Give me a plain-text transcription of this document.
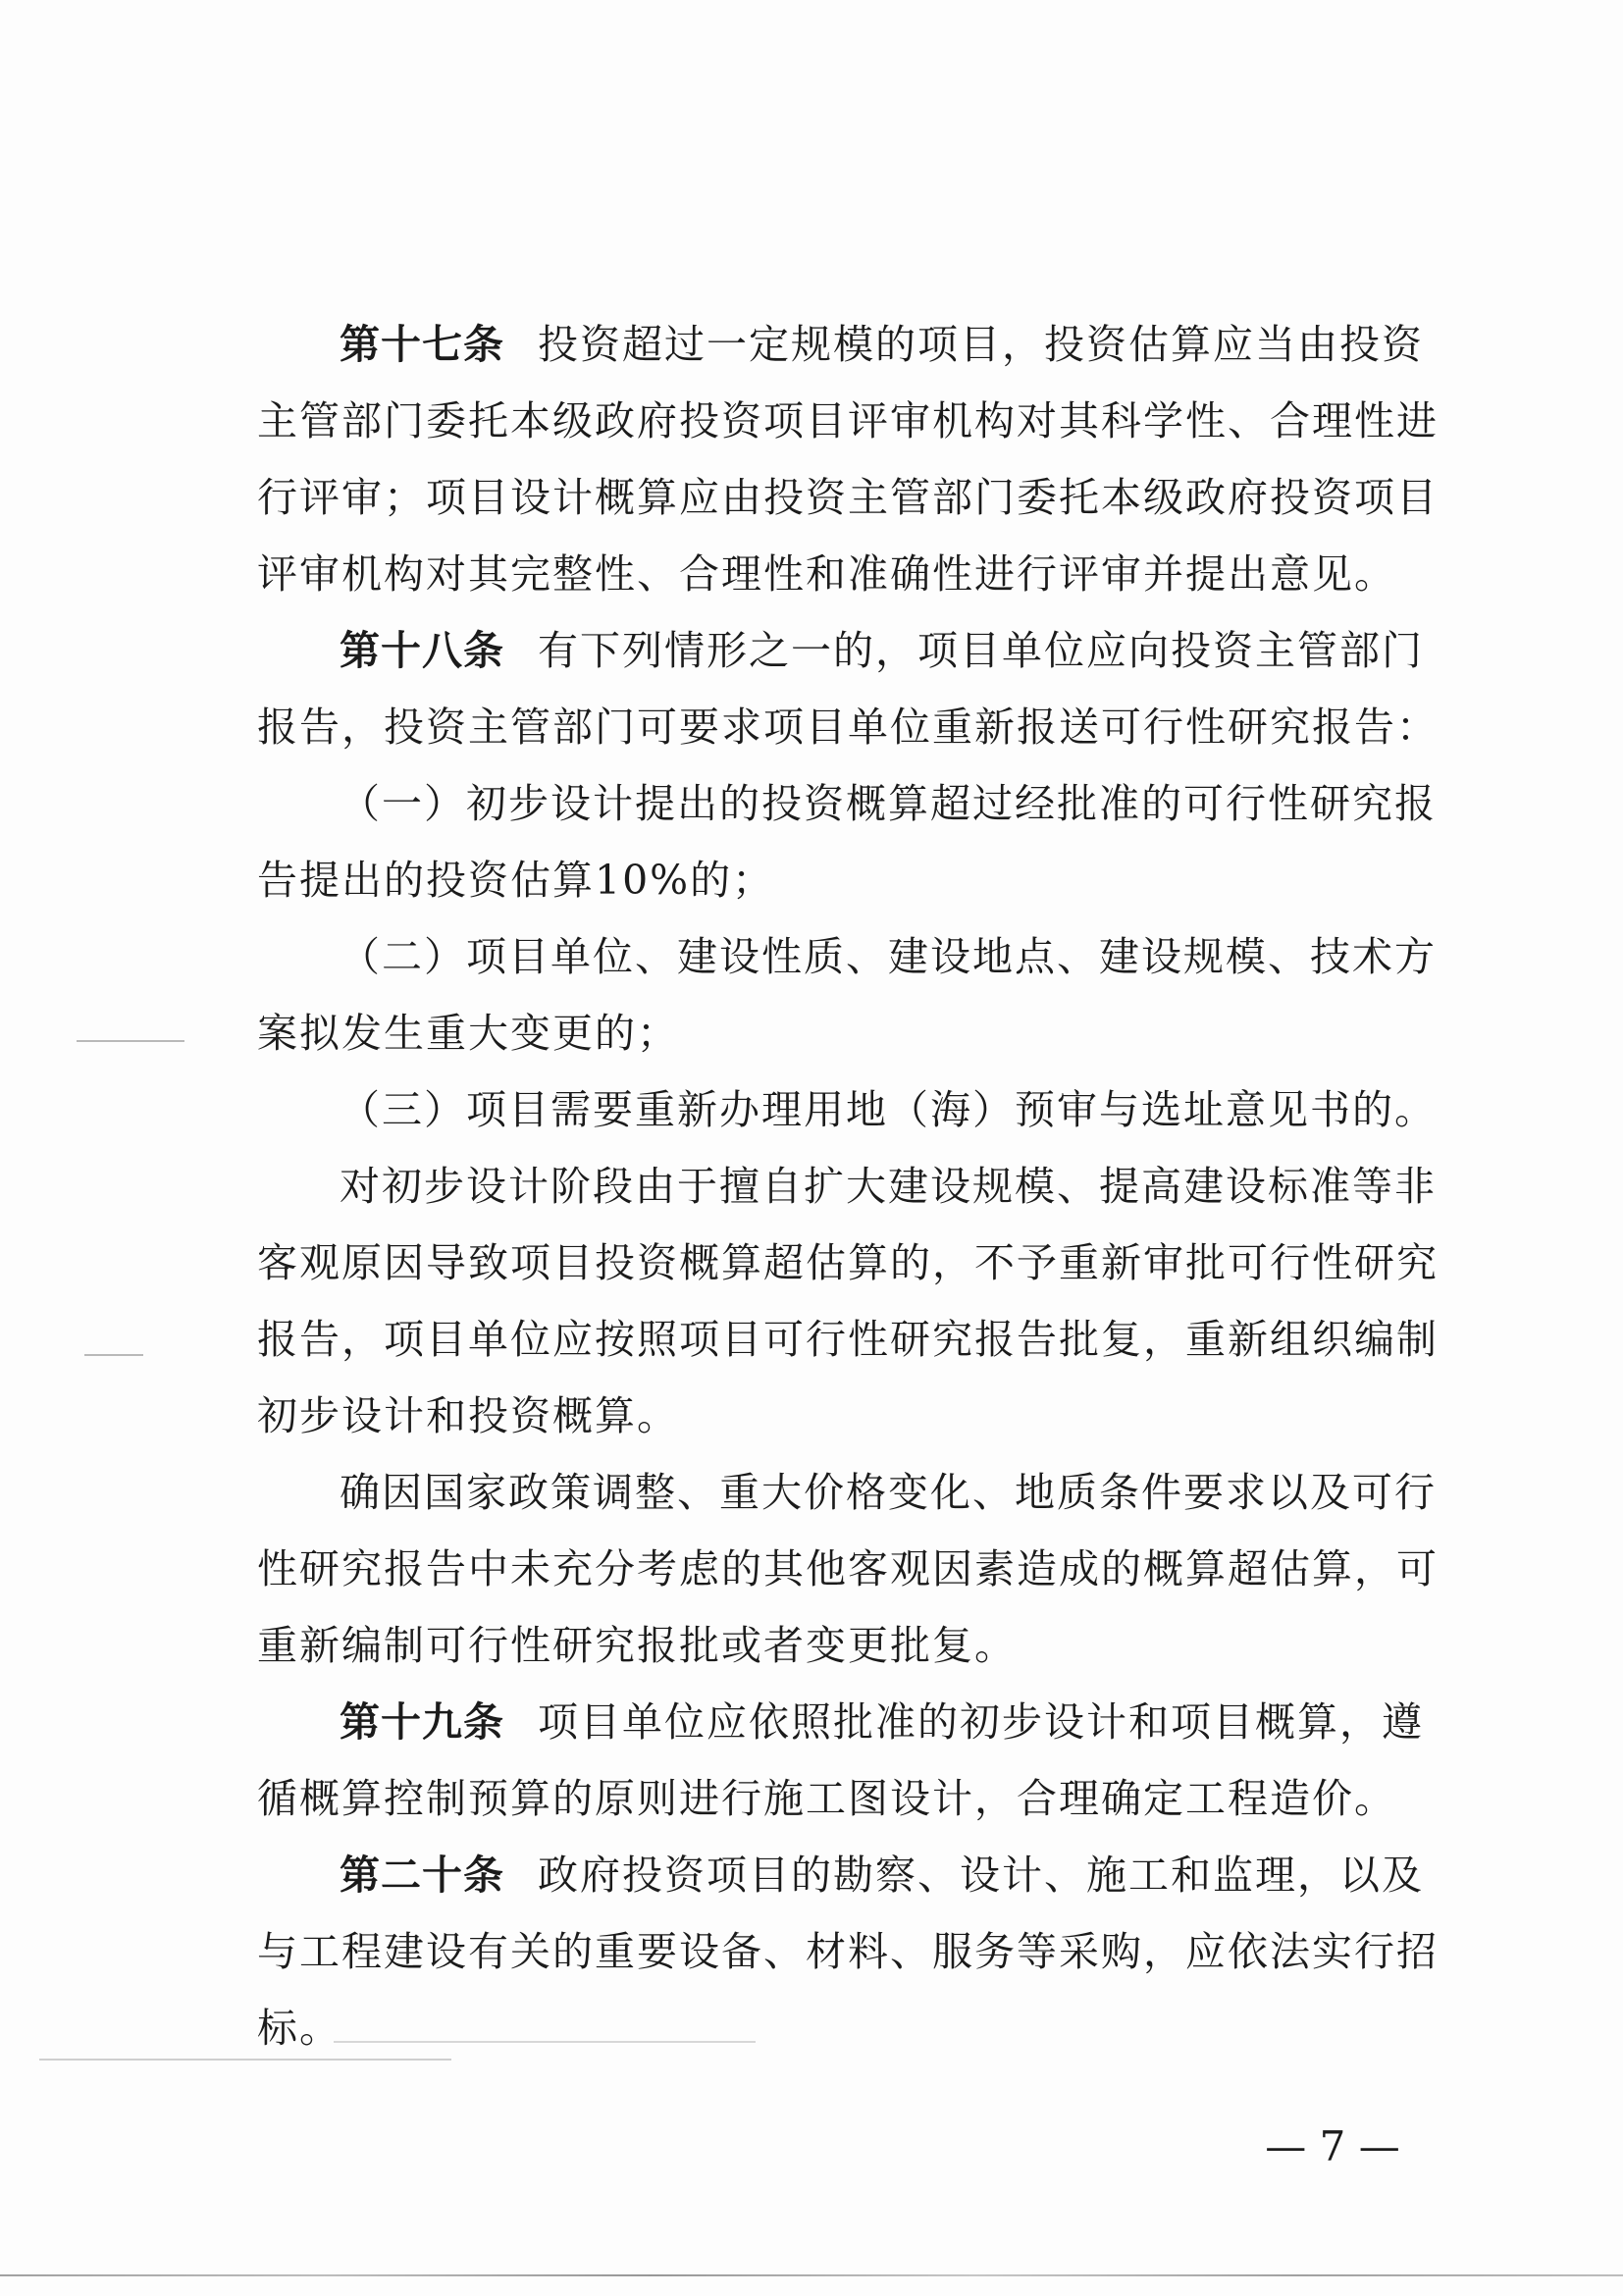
第十七条 投资超过一定规模的项目，投资估算应当由投资
主管部门委托本级政府投资项目评审机构对其科学性、合理性进
行评审；项目设计概算应由投资主管部门委托本级政府投资项目
评审机构对其完整性、合理性和准确性进行评审并提出意见。
第十八条 有下列情形之一的，项目单位应向投资主管部门
报告，投资主管部门可要求项目单位重新报送可行性研究报告：
（一）初步设计提出的投资概算超过经批准的可行性研究报
告提出的投资估算10%的；
（二）项目单位、建设性质、建设地点、建设规模、技术方
案拟发生重大变更的；
（三）项目需要重新办理用地（海）预审与选址意见书的。
对初步设计阶段由于擅自扩大建设规模、提高建设标准等非
客观原因导致项目投资概算超估算的，不予重新审批可行性研究
报告，项目单位应按照项目可行性研究报告批复，重新组织编制
初步设计和投资概算。
确因国家政策调整、重大价格变化、地质条件要求以及可行
性研究报告中未充分考虑的其他客观因素造成的概算超估算，可
重新编制可行性研究报批或者变更批复。
第十九条 项目单位应依照批准的初步设计和项目概算，遵
循概算控制预算的原则进行施工图设计，合理确定工程造价。
第二十条 政府投资项目的勘察、设计、施工和监理，以及
与工程建设有关的重要设备、材料、服务等采购，应依法实行招
标。
— 7 —
